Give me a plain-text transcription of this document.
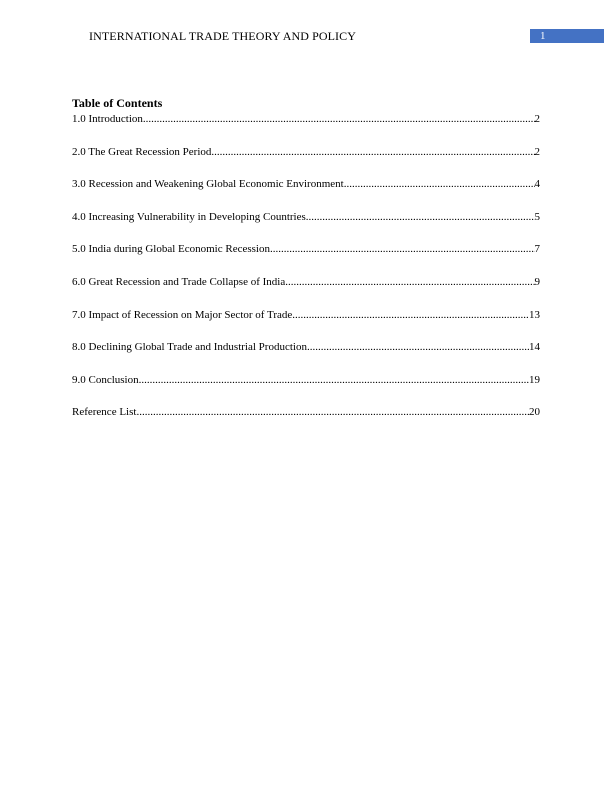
INTERNATIONAL TRADE THEORY AND POLICY	1
Table of Contents
1.0 Introduction .....	2
2.0 The Great Recession Period .....	2
3.0 Recession and Weakening Global Economic Environment .....	4
4.0 Increasing Vulnerability in Developing Countries .....	5
5.0 India during Global Economic Recession .....	7
6.0 Great Recession and Trade Collapse of India .....	9
7.0 Impact of Recession on Major Sector of Trade .....	13
8.0 Declining Global Trade and Industrial Production .....	14
9.0 Conclusion .....	19
Reference List .....	20
